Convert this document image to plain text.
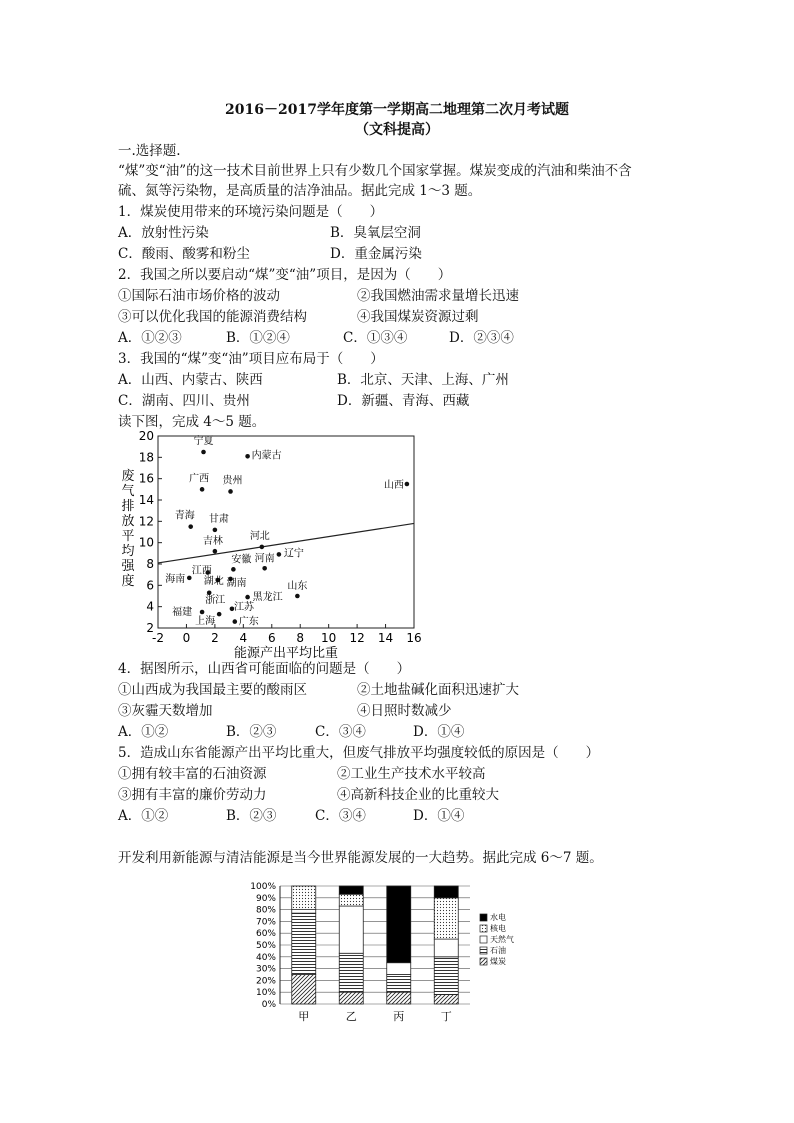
2016－2017学年度第一学期高二地理第二次月考试题
（文科提高）
一.选择题.
“煤”变“油”的这一技术目前世界上只有少数几个国家掌握。煤炭变成的汽油和柴油不含
硫、氮等污染物，是高质量的洁净油品。据此完成 1～3 题。
1．煤炭使用带来的环境污染问题是（　　）
A．放射性污染	B．臭氧层空洞
C．酸雨、酸雾和粉尘	D．重金属污染
2．我国之所以要启动“煤”变“油”项目，是因为（　　）
①国际石油市场价格的波动	②我国燃油需求量增长迅速
③可以优化我国的能源消费结构	④我国煤炭资源过剩
A．①②③	B．①②④	C．①③④	D．②③④
3．我国的“煤”变“油”项目应布局于（　　）
A．山西、内蒙古、陕西	B．北京、天津、上海、广州
C．湖南、四川、贵州	D．新疆、青海、西藏
读下图，完成 4～5 题。
2
4
6
8
10
12
14
16
18
20
-2 0 2 4 6 8 10 12 14 16
宁夏
内蒙古
广西 贵州	山西
青海 甘肃
河北
吉林
辽宁
安徽 河南
江西
海南 湖北 湖南
浙江
山东
黑龙江
福建	江苏
上海 广东
能源产出平均比重
废气排放平均强度
4．据图所示，山西省可能面临的问题是（　　）
①山西成为我国最主要的酸雨区	②土地盐碱化面积迅速扩大
③灰霾天数增加	④日照时数减少
A．①②	B．②③	C．③④	D．①④
5．造成山东省能源产出平均比重大，但废气排放平均强度较低的原因是（　　）
①拥有较丰富的石油资源	②工业生产技术水平较高
③拥有丰富的廉价劳动力	④高新科技企业的比重较大
A．①②	B．②③	C．③④	D．①④
开发利用新能源与清洁能源是当今世界能源发展的一大趋势。据此完成 6～7 题。
0%
10%
20%
30%
40%
50%
60%
70%
80%
90%
100%
甲	乙	丙	丁
水电
核电
天然气
石油
煤炭
